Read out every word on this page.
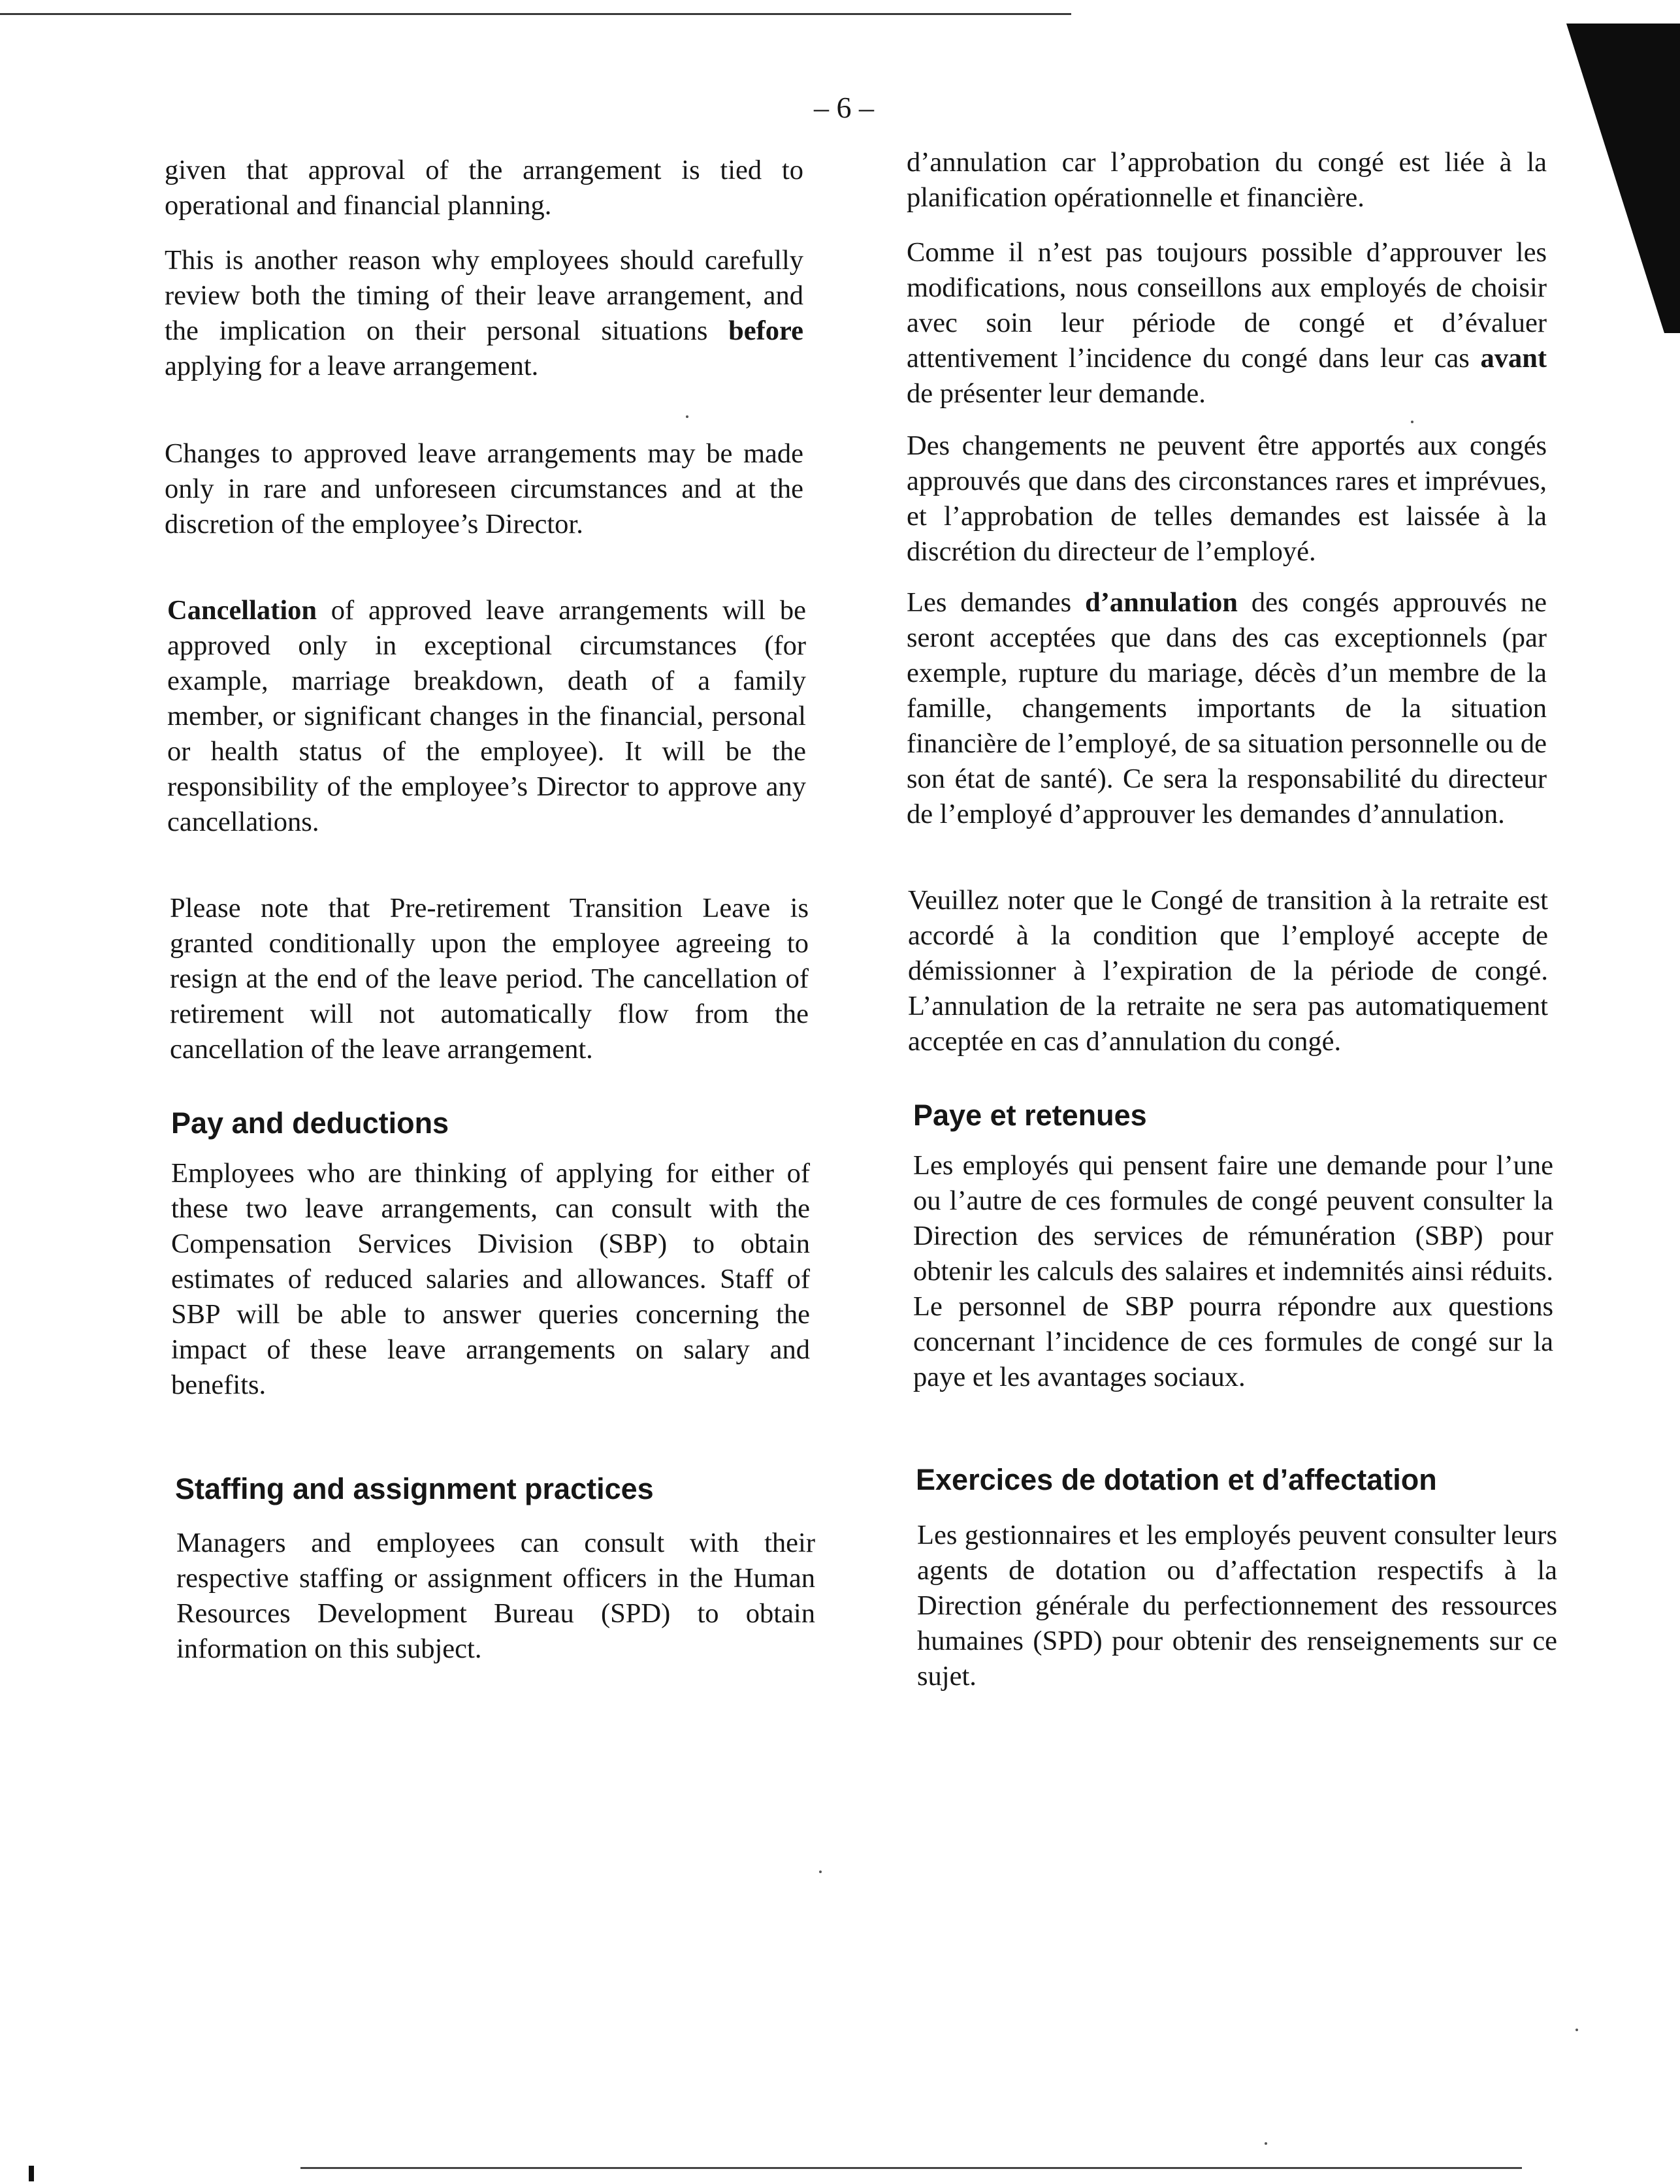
– 6 –

given that approval of the arrangement is tied to operational and financial planning.

This is another reason why employees should carefully review both the timing of their leave arrangement, and the implication on their personal situations before applying for a leave arrangement.

Changes to approved leave arrangements may be made only in rare and unforeseen circumstances and at the discretion of the employee’s Director.

Cancellation of approved leave arrangements will be approved only in exceptional circumstances (for example, marriage breakdown, death of a family member, or significant changes in the financial, personal or health status of the employee). It will be the responsibility of the employee’s Director to approve any cancellations.

Please note that Pre-retirement Transition Leave is granted conditionally upon the employee agreeing to resign at the end of the leave period. The cancellation of retirement will not automatically flow from the cancellation of the leave arrangement.

Pay and deductions

Employees who are thinking of applying for either of these two leave arrangements, can consult with the Compensation Services Division (SBP) to obtain estimates of reduced salaries and allowances. Staff of SBP will be able to answer queries concerning the impact of these leave arrangements on salary and benefits.

Staffing and assignment practices

Managers and employees can consult with their respective staffing or assignment officers in the Human Resources Development Bureau (SPD) to obtain information on this subject.

d’annulation car l’approbation du congé est liée à la planification opérationnelle et financière.

Comme il n’est pas toujours possible d’approuver les modifications, nous conseillons aux employés de choisir avec soin leur période de congé et d’évaluer attentivement l’incidence du congé dans leur cas avant de présenter leur demande.

Des changements ne peuvent être apportés aux congés approuvés que dans des circonstances rares et imprévues, et l’approbation de telles demandes est laissée à la discrétion du directeur de l’employé.

Les demandes d’annulation des congés approuvés ne seront acceptées que dans des cas exceptionnels (par exemple, rupture du mariage, décès d’un membre de la famille, changements importants de la situation financière de l’employé, de sa situation personnelle ou de son état de santé). Ce sera la responsabilité du directeur de l’employé d’approuver les demandes d’annulation.

Veuillez noter que le Congé de transition à la retraite est accordé à la condition que l’employé accepte de démissionner à l’expiration de la période de congé. L’annulation de la retraite ne sera pas automatiquement acceptée en cas d’annulation du congé.

Paye et retenues

Les employés qui pensent faire une demande pour l’une ou l’autre de ces formules de congé peuvent consulter la Direction des services de rémunération (SBP) pour obtenir les calculs des salaires et indemnités ainsi réduits. Le personnel de SBP pourra répondre aux questions concernant l’incidence de ces formules de congé sur la paye et les avantages sociaux.

Exercices de dotation et d’affectation

Les gestionnaires et les employés peuvent consulter leurs agents de dotation ou d’affectation respectifs à la Direction générale du perfectionnement des ressources humaines (SPD) pour obtenir des renseignements sur ce sujet.
